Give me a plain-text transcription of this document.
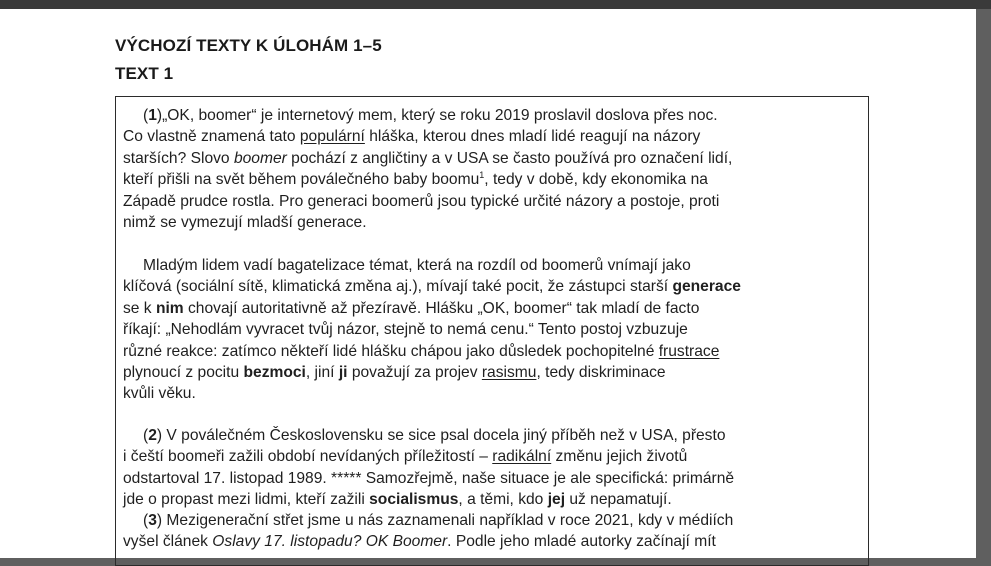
VÝCHOZÍ TEXTY K ÚLOHÁM 1–5
TEXT 1

(1)„OK, boomer“ je internetový mem, který se roku 2019 proslavil doslova přes noc.
Co vlastně znamená tato populární hláška, kterou dnes mladí lidé reagují na názory
starších? Slovo boomer pochází z angličtiny a v USA se často používá pro označení lidí,
kteří přišli na svět během poválečného baby boomu$^1$, tedy v době, kdy ekonomika na
Západě prudce rostla. Pro generaci boomerů jsou typické určité názory a postoje, proti
nimž se vymezují mladší generace.

Mladým lidem vadí bagatelizace témat, která na rozdíl od boomerů vnímají jako
klíčová (sociální sítě, klimatická změna aj.), mívají také pocit, že zástupci starší generace
se k nim chovají autoritativně až přezíravě. Hlášku „OK, boomer“ tak mladí de facto
říkají: „Nehodlám vyvracet tvůj názor, stejně to nemá cenu.“ Tento postoj vzbuzuje
různé reakce: zatímco někteří lidé hlášku chápou jako důsledek pochopitelné frustrace
plynoucí z pocitu bezmoci, jiní ji považují za projev rasismu, tedy diskriminace
kvůli věku.

(2) V poválečném Československu se sice psal docela jiný příběh než v USA, přesto
i čeští boomeři zažili období nevídaných příležitostí – radikální změnu jejich životů
odstartoval 17. listopad 1989. ***** Samozřejmě, naše situace je ale specifická: primárně
jde o propast mezi lidmi, kteří zažili socialismus, a těmi, kdo jej už nepamatují.

(3) Mezigenerační střet jsme u nás zaznamenali například v roce 2021, kdy v médiích
vyšel článek Oslavy 17. listopadu? OK Boomer. Podle jeho mladé autorky začínají mít
